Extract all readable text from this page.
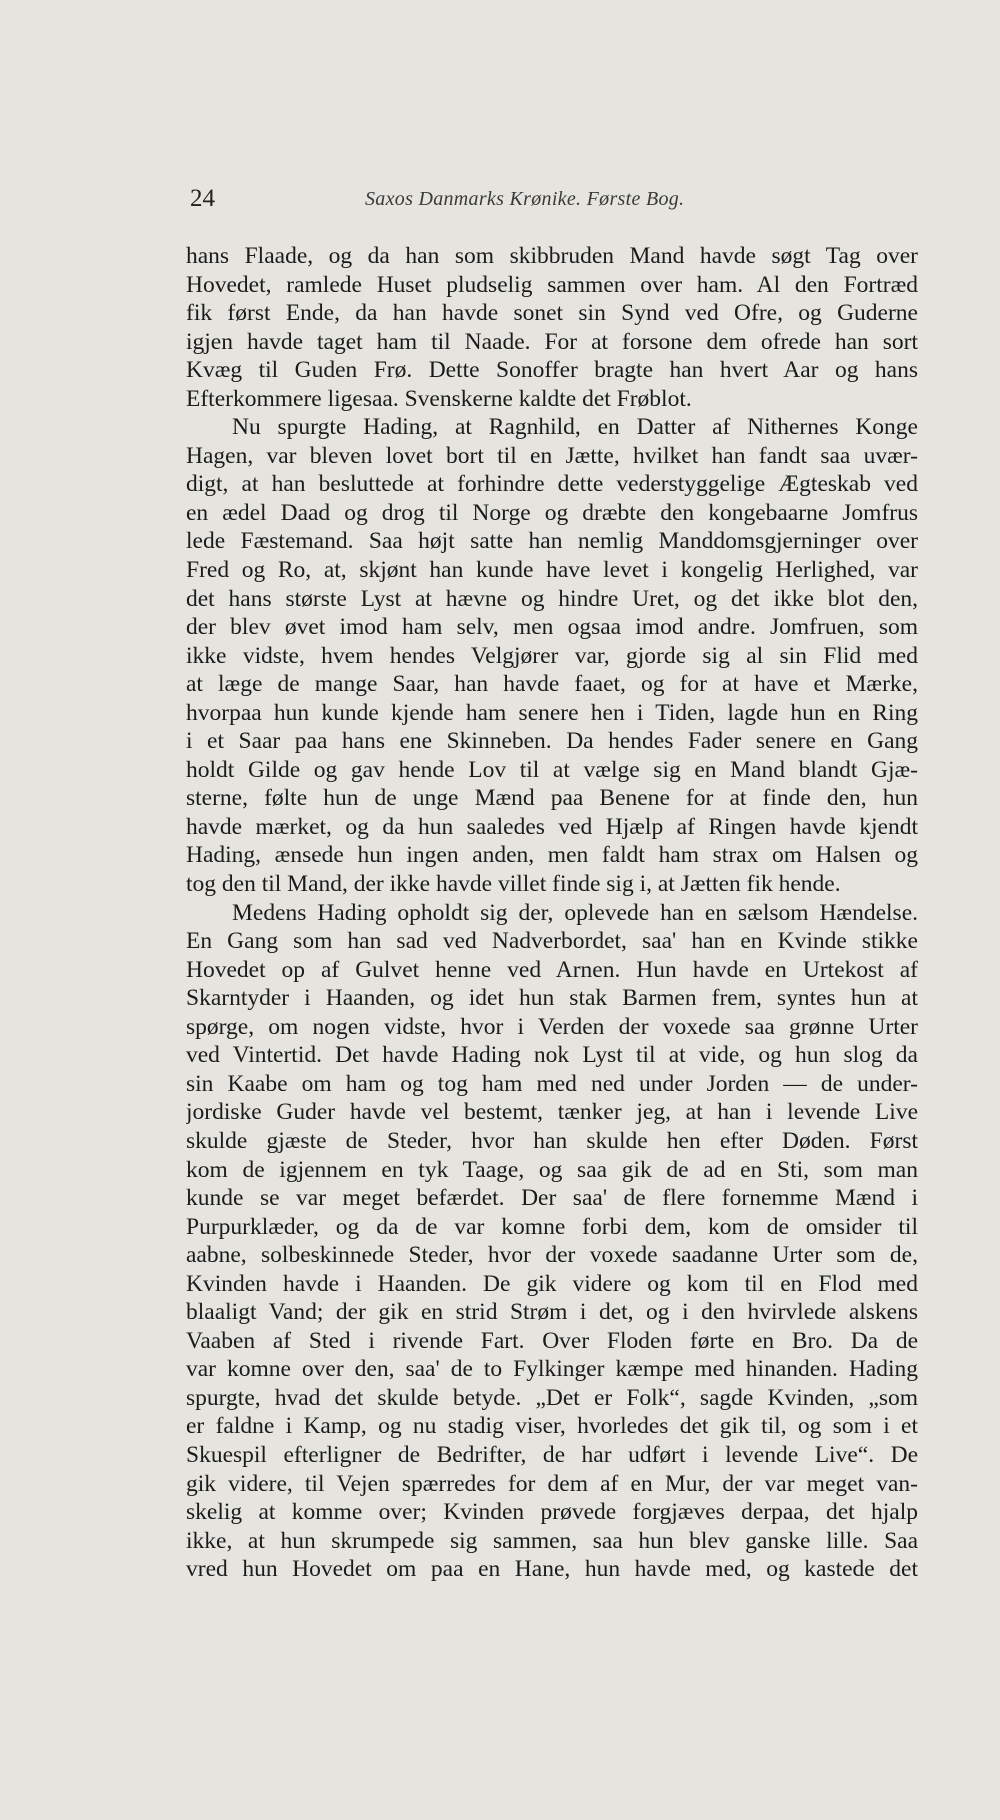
24	Saxos Danmarks Krønike. Første Bog.
hans Flaade, og da han som skibbruden Mand havde søgt Tag over
Hovedet, ramlede Huset pludselig sammen over ham. Al den Fortræd
fik først Ende, da han havde sonet sin Synd ved Ofre, og Guderne
igjen havde taget ham til Naade. For at forsone dem ofrede han sort
Kvæg til Guden Frø. Dette Sonoffer bragte han hvert Aar og hans
Efterkommere ligesaa. Svenskerne kaldte det Frøblot.
Nu spurgte Hading, at Ragnhild, en Datter af Nithernes Konge
Hagen, var bleven lovet bort til en Jætte, hvilket han fandt saa uvær-
digt, at han besluttede at forhindre dette vederstyggelige Ægteskab ved
en ædel Daad og drog til Norge og dræbte den kongebaarne Jomfrus
lede Fæstemand. Saa højt satte han nemlig Manddomsgjerninger over
Fred og Ro, at, skjønt han kunde have levet i kongelig Herlighed, var
det hans største Lyst at hævne og hindre Uret, og det ikke blot den,
der blev øvet imod ham selv, men ogsaa imod andre. Jomfruen, som
ikke vidste, hvem hendes Velgjører var, gjorde sig al sin Flid med
at læge de mange Saar, han havde faaet, og for at have et Mærke,
hvorpaa hun kunde kjende ham senere hen i Tiden, lagde hun en Ring
i et Saar paa hans ene Skinneben. Da hendes Fader senere en Gang
holdt Gilde og gav hende Lov til at vælge sig en Mand blandt Gjæ-
sterne, følte hun de unge Mænd paa Benene for at finde den, hun
havde mærket, og da hun saaledes ved Hjælp af Ringen havde kjendt
Hading, ænsede hun ingen anden, men faldt ham strax om Halsen og
tog den til Mand, der ikke havde villet finde sig i, at Jætten fik hende.
Medens Hading opholdt sig der, oplevede han en sælsom Hændelse.
En Gang som han sad ved Nadverbordet, saa' han en Kvinde stikke
Hovedet op af Gulvet henne ved Arnen. Hun havde en Urtekost af
Skarntyder i Haanden, og idet hun stak Barmen frem, syntes hun at
spørge, om nogen vidste, hvor i Verden der voxede saa grønne Urter
ved Vintertid. Det havde Hading nok Lyst til at vide, og hun slog da
sin Kaabe om ham og tog ham med ned under Jorden — de under-
jordiske Guder havde vel bestemt, tænker jeg, at han i levende Live
skulde gjæste de Steder, hvor han skulde hen efter Døden. Først
kom de igjennem en tyk Taage, og saa gik de ad en Sti, som man
kunde se var meget befærdet. Der saa' de flere fornemme Mænd i
Purpurklæder, og da de var komne forbi dem, kom de omsider til
aabne, solbeskinnede Steder, hvor der voxede saadanne Urter som de,
Kvinden havde i Haanden. De gik videre og kom til en Flod med
blaaligt Vand; der gik en strid Strøm i det, og i den hvirvlede alskens
Vaaben af Sted i rivende Fart. Over Floden førte en Bro. Da de
var komne over den, saa' de to Fylkinger kæmpe med hinanden. Hading
spurgte, hvad det skulde betyde. „Det er Folk“, sagde Kvinden, „som
er faldne i Kamp, og nu stadig viser, hvorledes det gik til, og som i et
Skuespil efterligner de Bedrifter, de har udført i levende Live“. De
gik videre, til Vejen spærredes for dem af en Mur, der var meget van-
skelig at komme over; Kvinden prøvede forgjæves derpaa, det hjalp
ikke, at hun skrumpede sig sammen, saa hun blev ganske lille. Saa
vred hun Hovedet om paa en Hane, hun havde med, og kastede det
